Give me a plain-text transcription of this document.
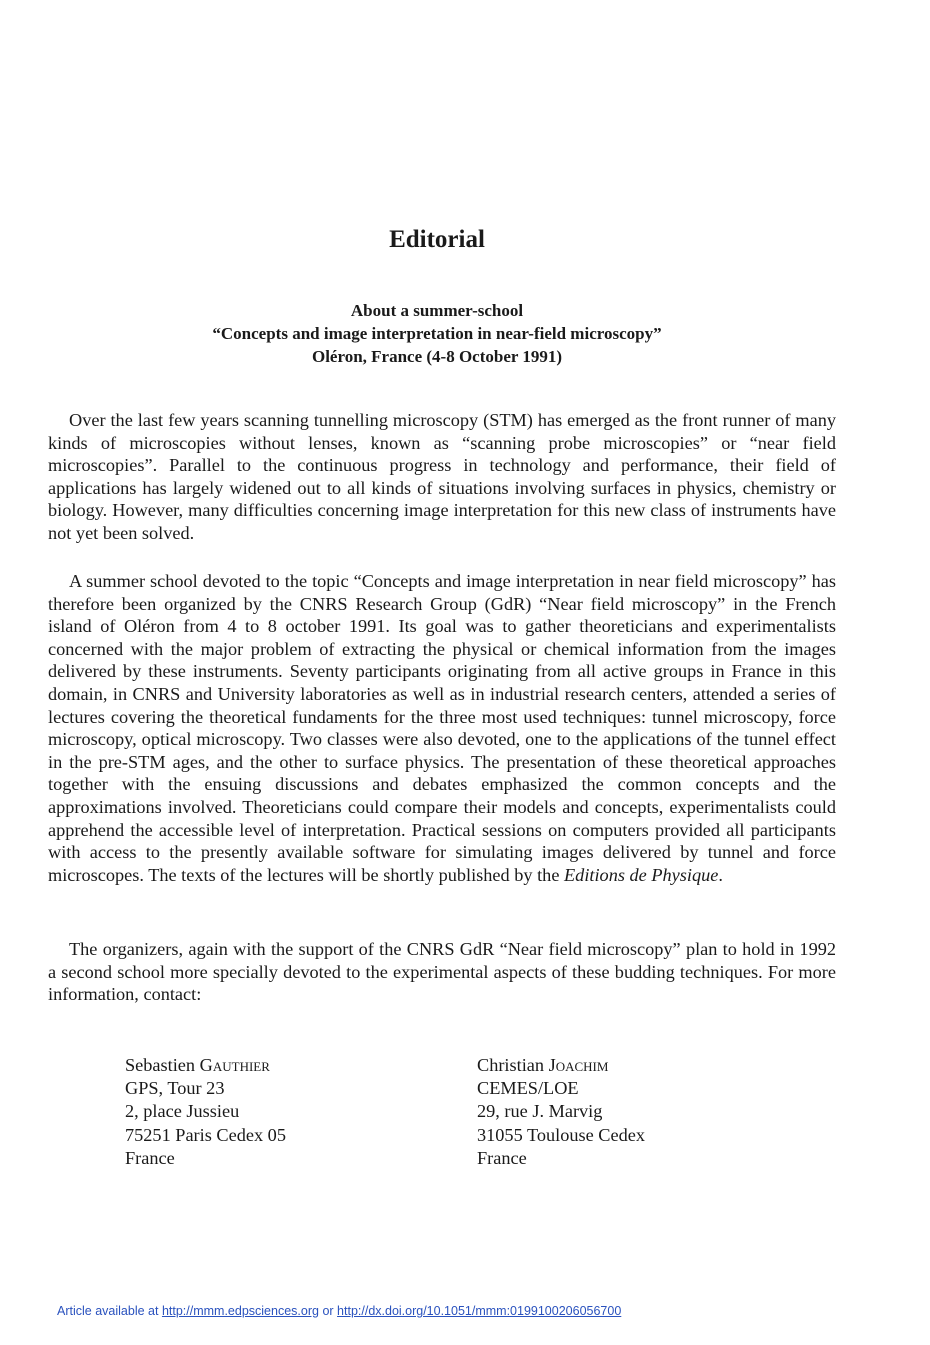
Editorial
About a summer-school
“Concepts and image interpretation in near-field microscopy”
Oléron, France (4-8 October 1991)

Over the last few years scanning tunnelling microscopy (STM) has emerged as the front runner of many kinds of microscopies without lenses, known as “scanning probe microscopies” or “near field microscopies”. Parallel to the continuous progress in technology and performance, their field of applications has largely widened out to all kinds of situations involving surfaces in physics, chemistry or biology. However, many difficulties concerning image interpretation for this new class of instruments have not yet been solved.

A summer school devoted to the topic “Concepts and image interpretation in near field microscopy” has therefore been organized by the CNRS Research Group (GdR) “Near field microscopy” in the French island of Oléron from 4 to 8 october 1991. Its goal was to gather theoreticians and experimentalists concerned with the major problem of extracting the physical or chemical information from the images delivered by these instruments. Seventy participants originating from all active groups in France in this domain, in CNRS and University laboratories as well as in industrial research centers, attended a series of lectures covering the theoretical fundaments for the three most used techniques: tunnel microscopy, force microscopy, optical microscopy. Two classes were also devoted, one to the applications of the tunnel effect in the pre-STM ages, and the other to surface physics. The presentation of these theoretical approaches together with the ensuing discussions and debates emphasized the common concepts and the approximations involved. Theoreticians could compare their models and concepts, experimentalists could apprehend the accessible level of interpretation. Practical sessions on computers provided all participants with access to the presently available software for simulating images delivered by tunnel and force microscopes. The texts of the lectures will be shortly published by the Editions de Physique.

The organizers, again with the support of the CNRS GdR “Near field microscopy” plan to hold in 1992 a second school more specially devoted to the experimental aspects of these budding techniques. For more information, contact:

Sebastien Gauthier
GPS, Tour 23
2, place Jussieu
75251 Paris Cedex 05
France
Christian Joachim
CEMES/LOE
29, rue J. Marvig
31055 Toulouse Cedex
France
Article available at http://mmm.edpsciences.org or http://dx.doi.org/10.1051/mmm:0199100206056700
